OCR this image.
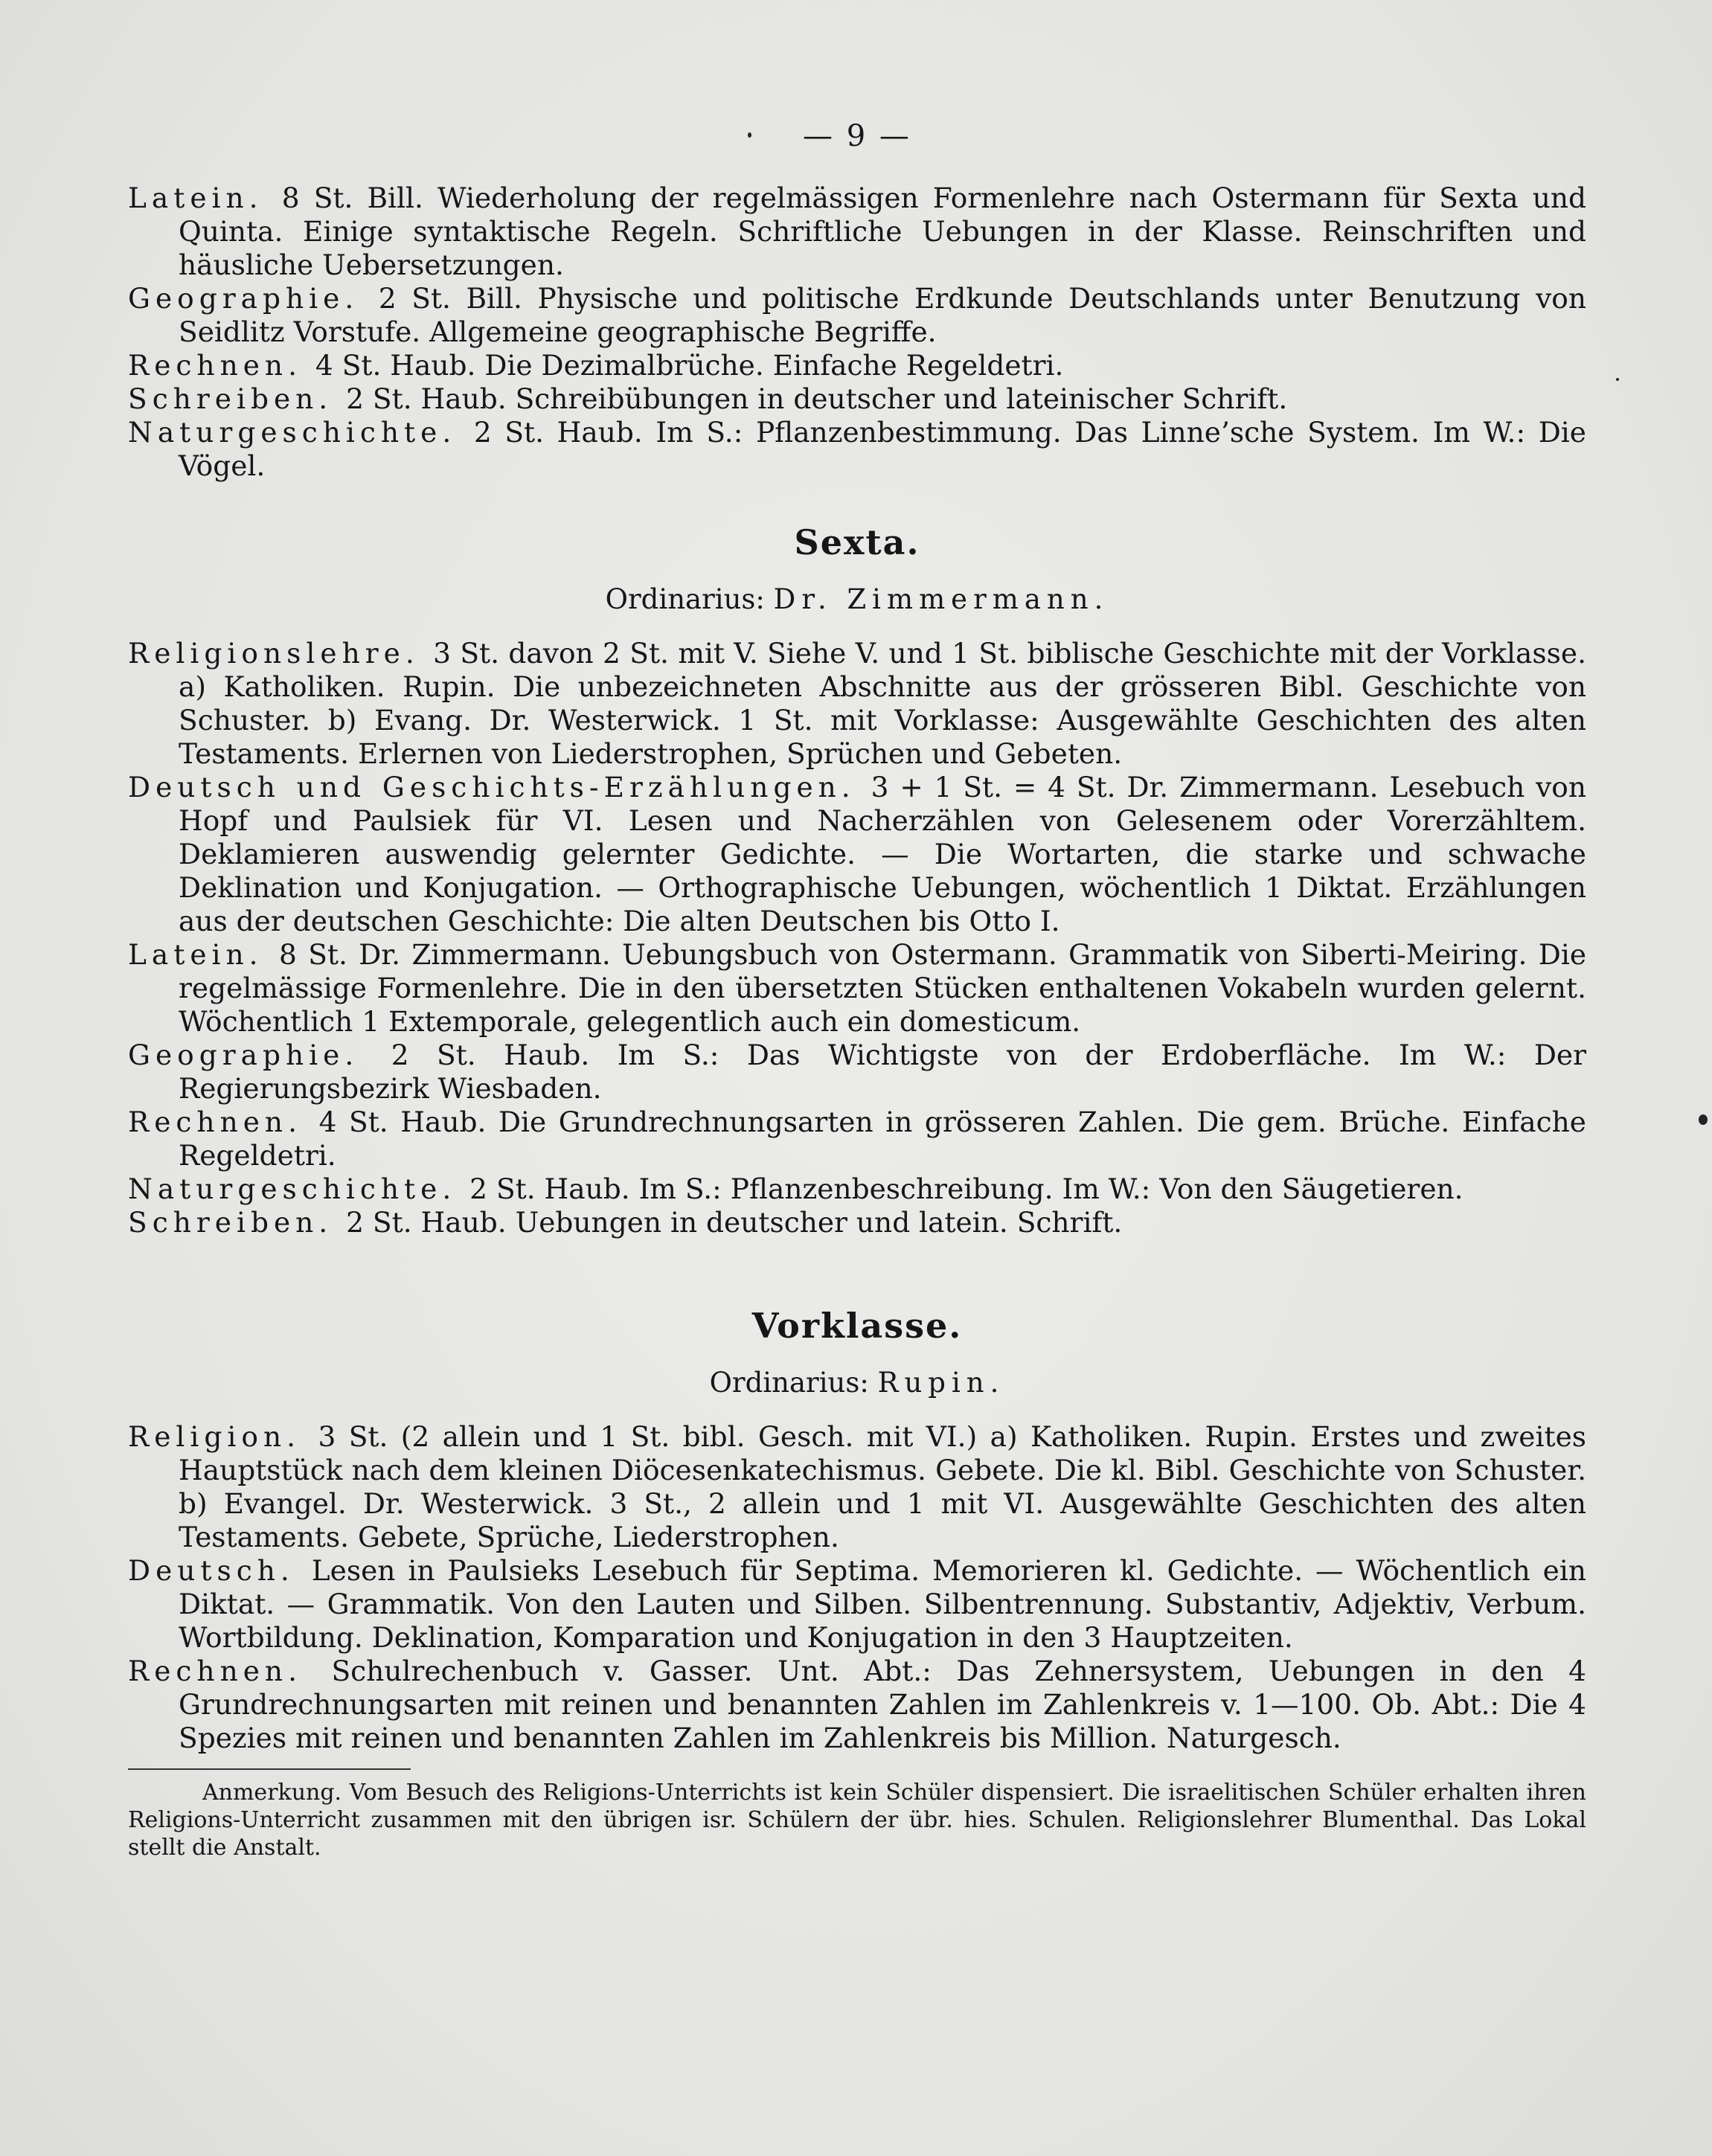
— 9 —

Latein. 8 St. Bill. Wiederholung der regelmässigen Formenlehre nach Ostermann für Sexta und Quinta. Einige syntaktische Regeln. Schriftliche Uebungen in der Klasse. Reinschriften und häusliche Uebersetzungen.

Geographie. 2 St. Bill. Physische und politische Erdkunde Deutschlands unter Benutzung von Seidlitz Vorstufe. Allgemeine geographische Begriffe.

Rechnen. 4 St. Haub. Die Dezimalbrüche. Einfache Regeldetri.

Schreiben. 2 St. Haub. Schreibübungen in deutscher und lateinischer Schrift.

Naturgeschichte. 2 St. Haub. Im S.: Pflanzenbestimmung. Das Linne’sche System. Im W.: Die Vögel.

Sexta.
Ordinarius: Dr. Zimmermann.

Religionslehre. 3 St. davon 2 St. mit V. Siehe V. und 1 St. biblische Geschichte mit der Vorklasse. a) Katholiken. Rupin. Die unbezeichneten Abschnitte aus der grösseren Bibl. Geschichte von Schuster. b) Evang. Dr. Westerwick. 1 St. mit Vorklasse: Ausgewählte Geschichten des alten Testaments. Erlernen von Liederstrophen, Sprüchen und Gebeten.

Deutsch und Geschichts-Erzählungen. 3 + 1 St. = 4 St. Dr. Zimmermann. Lesebuch von Hopf und Paulsiek für VI. Lesen und Nacherzählen von Gelesenem oder Vorerzähltem. Deklamieren auswendig gelernter Gedichte. — Die Wortarten, die starke und schwache Deklination und Konjugation. — Orthographische Uebungen, wöchentlich 1 Diktat. Erzählungen aus der deutschen Geschichte: Die alten Deutschen bis Otto I.

Latein. 8 St. Dr. Zimmermann. Uebungsbuch von Ostermann. Grammatik von Siberti-Meiring. Die regelmässige Formenlehre. Die in den übersetzten Stücken enthaltenen Vokabeln wurden gelernt. Wöchentlich 1 Extemporale, gelegentlich auch ein domesticum.

Geographie. 2 St. Haub. Im S.: Das Wichtigste von der Erdoberfläche. Im W.: Der Regierungsbezirk Wiesbaden.

Rechnen. 4 St. Haub. Die Grundrechnungsarten in grösseren Zahlen. Die gem. Brüche. Einfache Regeldetri.

Naturgeschichte. 2 St. Haub. Im S.: Pflanzenbeschreibung. Im W.: Von den Säugetieren.

Schreiben. 2 St. Haub. Uebungen in deutscher und latein. Schrift.

Vorklasse.
Ordinarius: Rupin.

Religion. 3 St. (2 allein und 1 St. bibl. Gesch. mit VI.) a) Katholiken. Rupin. Erstes und zweites Hauptstück nach dem kleinen Diöcesenkatechismus. Gebete. Die kl. Bibl. Geschichte von Schuster. b) Evangel. Dr. Westerwick. 3 St., 2 allein und 1 mit VI. Ausgewählte Geschichten des alten Testaments. Gebete, Sprüche, Liederstrophen.

Deutsch. Lesen in Paulsieks Lesebuch für Septima. Memorieren kl. Gedichte. — Wöchentlich ein Diktat. — Grammatik. Von den Lauten und Silben. Silbentrennung. Substantiv, Adjektiv, Verbum. Wortbildung. Deklination, Komparation und Konjugation in den 3 Hauptzeiten.

Rechnen. Schulrechenbuch v. Gasser. Unt. Abt.: Das Zehnersystem, Uebungen in den 4 Grundrechnungsarten mit reinen und benannten Zahlen im Zahlenkreis v. 1—100. Ob. Abt.: Die 4 Spezies mit reinen und benannten Zahlen im Zahlenkreis bis Million. Naturgesch.

Anmerkung. Vom Besuch des Religions-Unterrichts ist kein Schüler dispensiert. Die israelitischen Schüler erhalten ihren Religions-Unterricht zusammen mit den übrigen isr. Schülern der übr. hies. Schulen. Religionslehrer Blumenthal. Das Lokal stellt die Anstalt.
